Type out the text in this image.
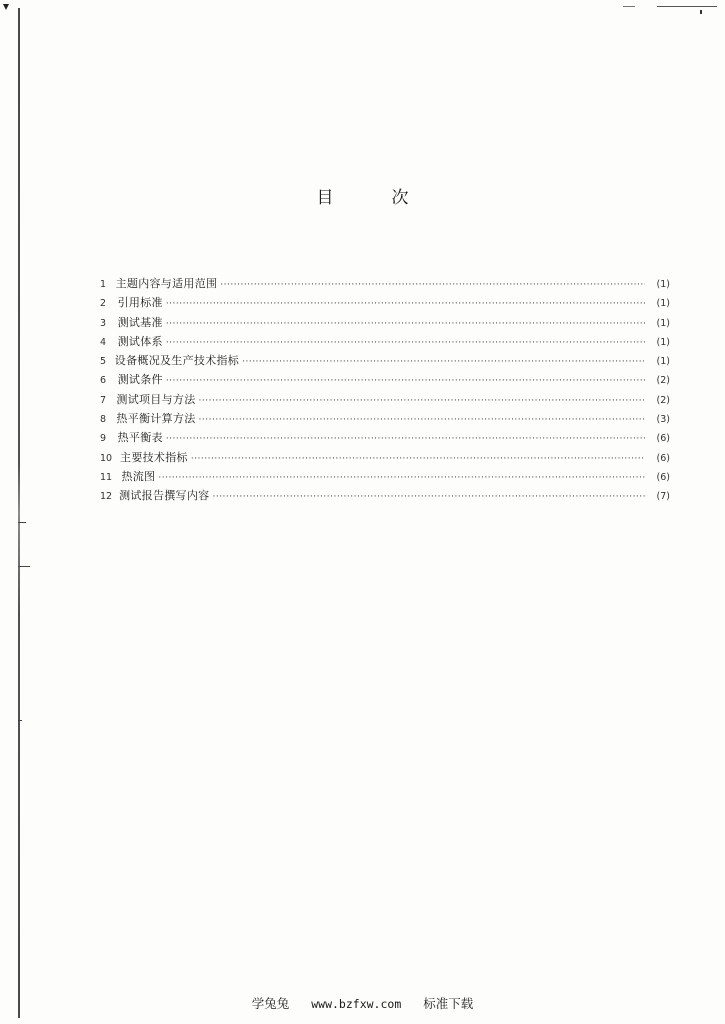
目	次
1 主题内容与适用范围 ·····	(1)
2	引用标准 ·····	(1)
3	测试基准 ·····	(1)
4	测试体系 ·····	(1)
5 设备概况及生产技术指标 ·····	(1)
6	测试条件 ·····	(2)
7 测试项目与方法 ·····	(2)
8 热平衡计算方法 ·····	(3)
9	热平衡表 ·····	(6)
10 主要技术指标 ·····	(6)
11 热流图 ·····	(6)
12 测试报告撰写内容 ·····	(7)
学兔兔 www.bzfxw.com 标准下载
